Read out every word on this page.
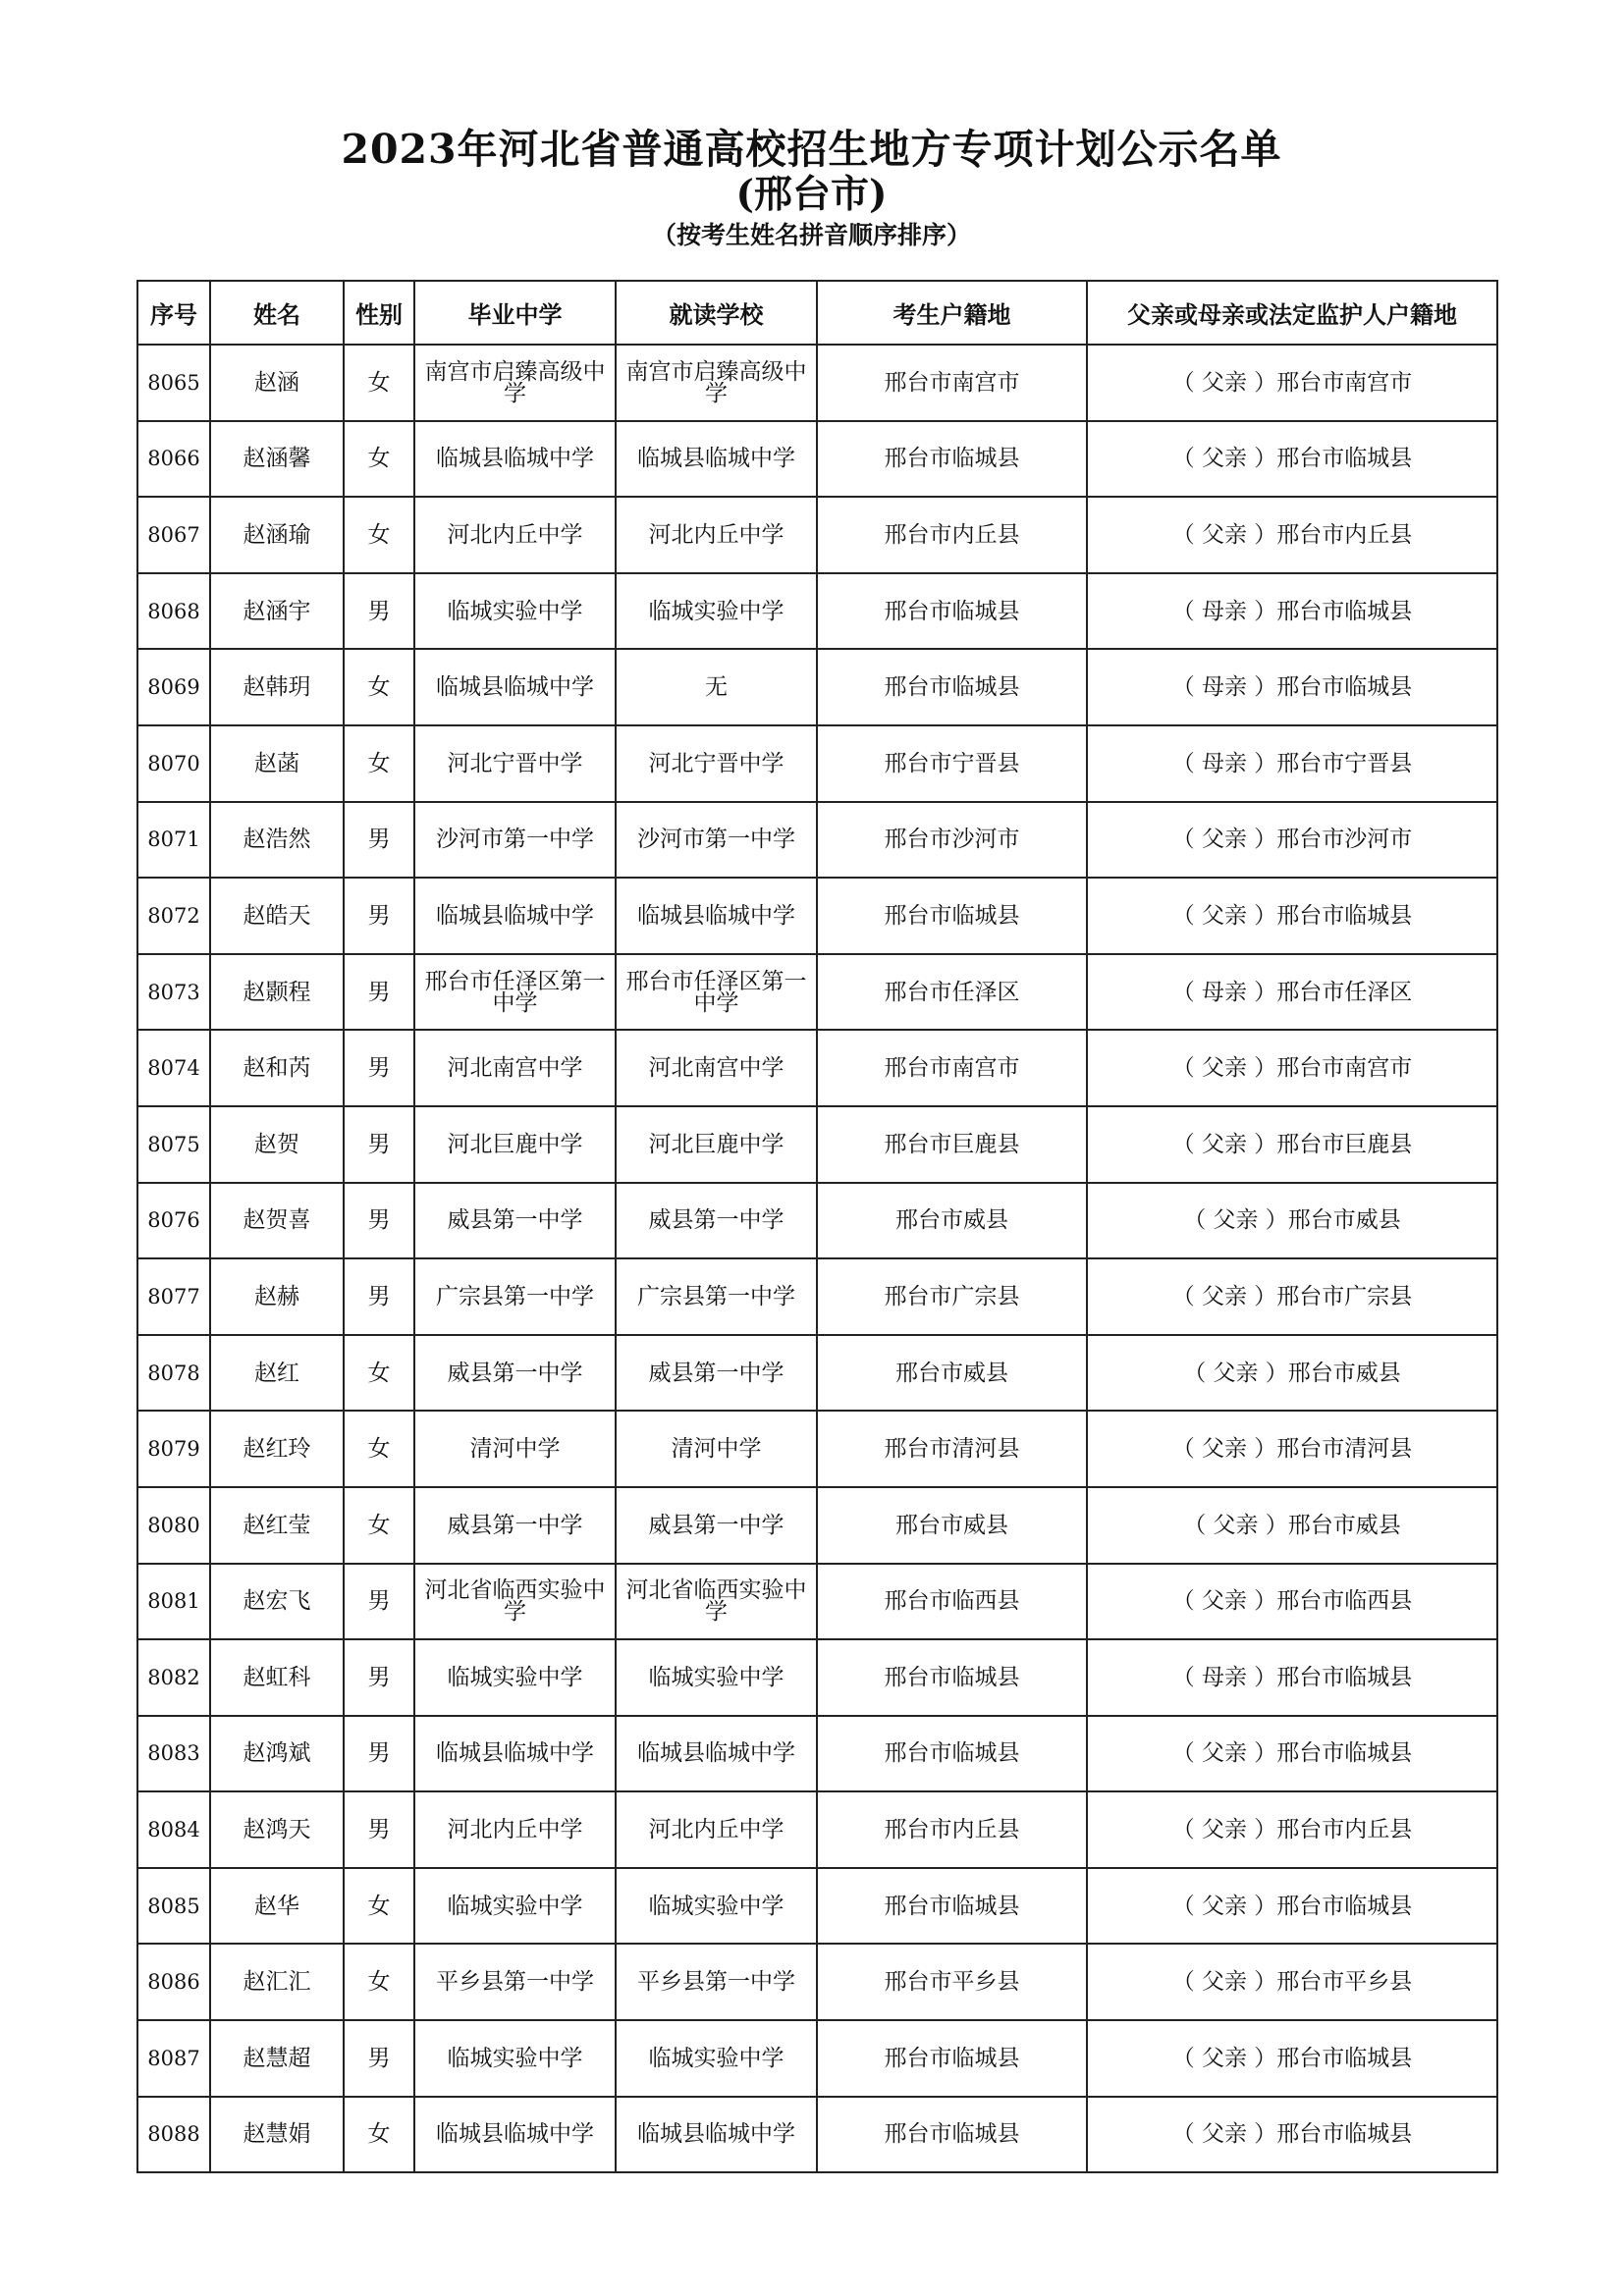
2023年河北省普通高校招生地方专项计划公示名单
(邢台市)
（按考生姓名拼音顺序排序）
序号	姓名	性别	毕业中学	就读学校	考生户籍地	父亲或母亲或法定监护人户籍地
8065	赵涵	女	南宫市启臻高级中学	南宫市启臻高级中学	邢台市南宫市	（ 父亲 ）邢台市南宫市
8066	赵涵馨	女	临城县临城中学	临城县临城中学	邢台市临城县	（ 父亲 ）邢台市临城县
8067	赵涵瑜	女	河北内丘中学	河北内丘中学	邢台市内丘县	（ 父亲 ）邢台市内丘县
8068	赵涵宇	男	临城实验中学	临城实验中学	邢台市临城县	（ 母亲 ）邢台市临城县
8069	赵韩玥	女	临城县临城中学	无	邢台市临城县	（ 母亲 ）邢台市临城县
8070	赵菡	女	河北宁晋中学	河北宁晋中学	邢台市宁晋县	（ 母亲 ）邢台市宁晋县
8071	赵浩然	男	沙河市第一中学	沙河市第一中学	邢台市沙河市	（ 父亲 ）邢台市沙河市
8072	赵皓天	男	临城县临城中学	临城县临城中学	邢台市临城县	（ 父亲 ）邢台市临城县
8073	赵颢程	男	邢台市任泽区第一中学	邢台市任泽区第一中学	邢台市任泽区	（ 母亲 ）邢台市任泽区
8074	赵和芮	男	河北南宫中学	河北南宫中学	邢台市南宫市	（ 父亲 ）邢台市南宫市
8075	赵贺	男	河北巨鹿中学	河北巨鹿中学	邢台市巨鹿县	（ 父亲 ）邢台市巨鹿县
8076	赵贺喜	男	威县第一中学	威县第一中学	邢台市威县	（ 父亲 ）邢台市威县
8077	赵赫	男	广宗县第一中学	广宗县第一中学	邢台市广宗县	（ 父亲 ）邢台市广宗县
8078	赵红	女	威县第一中学	威县第一中学	邢台市威县	（ 父亲 ）邢台市威县
8079	赵红玲	女	清河中学	清河中学	邢台市清河县	（ 父亲 ）邢台市清河县
8080	赵红莹	女	威县第一中学	威县第一中学	邢台市威县	（ 父亲 ）邢台市威县
8081	赵宏飞	男	河北省临西实验中学	河北省临西实验中学	邢台市临西县	（ 父亲 ）邢台市临西县
8082	赵虹科	男	临城实验中学	临城实验中学	邢台市临城县	（ 母亲 ）邢台市临城县
8083	赵鸿斌	男	临城县临城中学	临城县临城中学	邢台市临城县	（ 父亲 ）邢台市临城县
8084	赵鸿天	男	河北内丘中学	河北内丘中学	邢台市内丘县	（ 父亲 ）邢台市内丘县
8085	赵华	女	临城实验中学	临城实验中学	邢台市临城县	（ 父亲 ）邢台市临城县
8086	赵汇汇	女	平乡县第一中学	平乡县第一中学	邢台市平乡县	（ 父亲 ）邢台市平乡县
8087	赵慧超	男	临城实验中学	临城实验中学	邢台市临城县	（ 父亲 ）邢台市临城县
8088	赵慧娟	女	临城县临城中学	临城县临城中学	邢台市临城县	（ 父亲 ）邢台市临城县
